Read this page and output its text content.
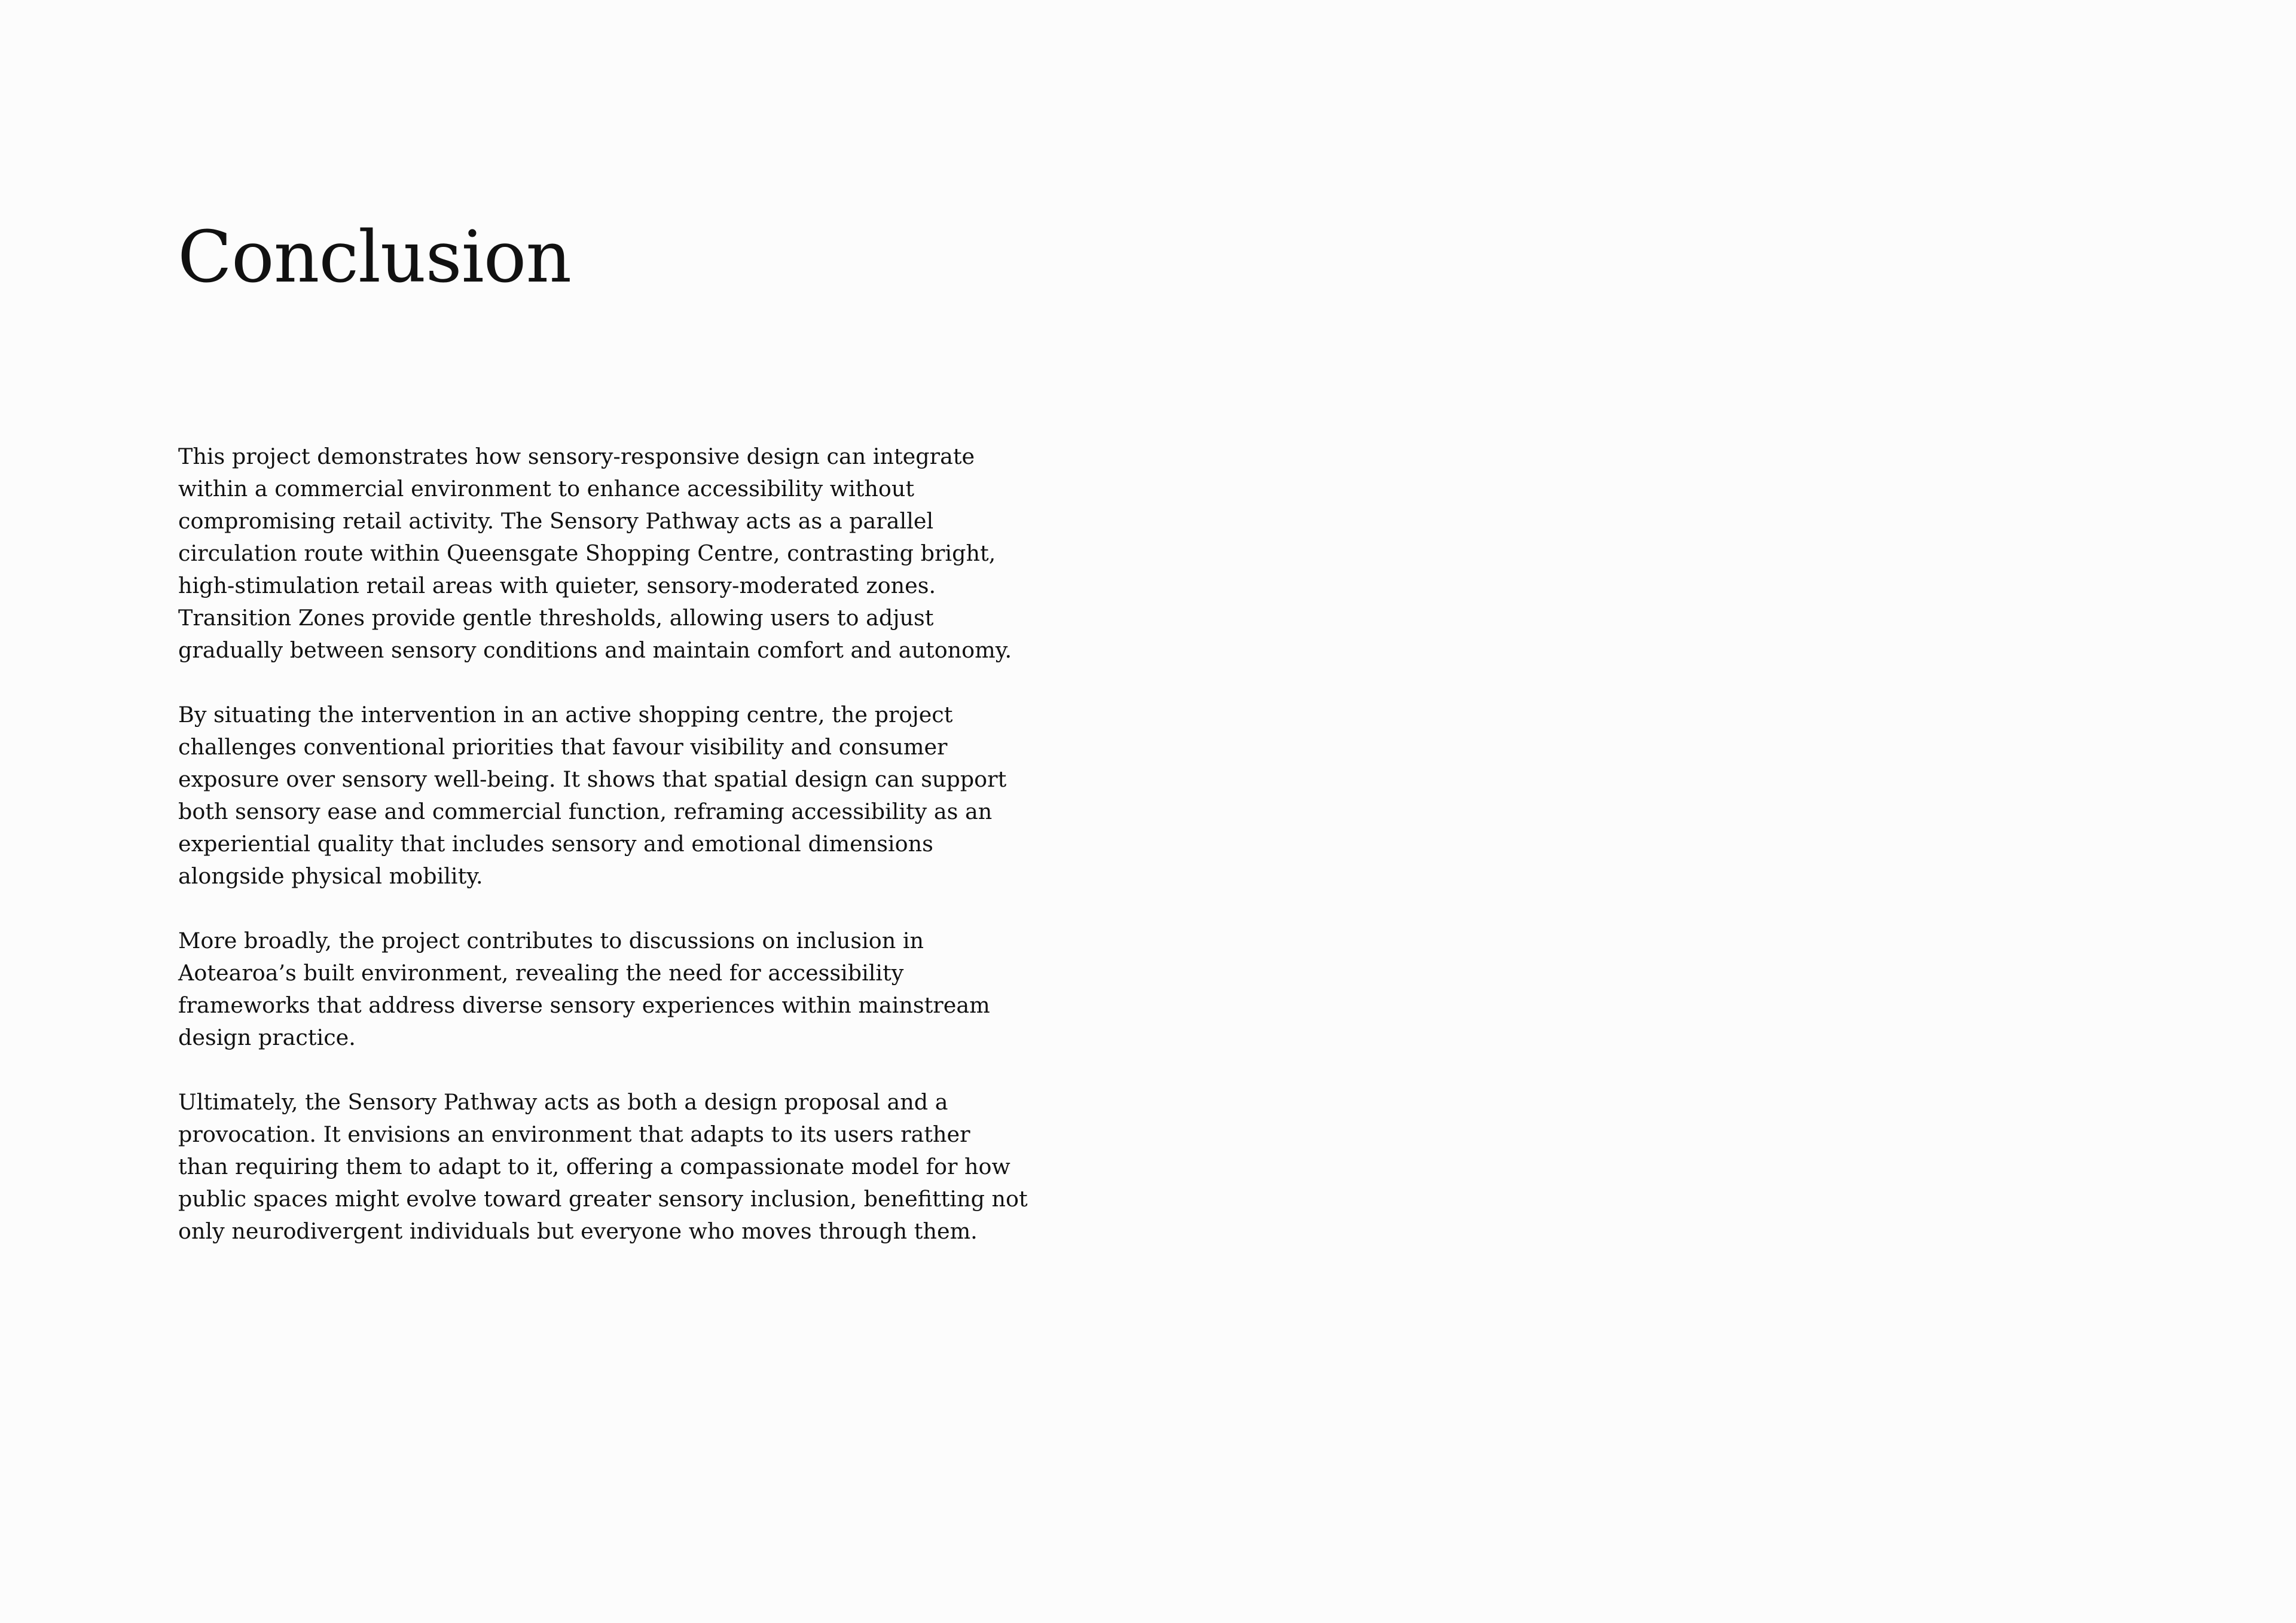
Conclusion

This project demonstrates how sensory-responsive design can integrate
within a commercial environment to enhance accessibility without
compromising retail activity. The Sensory Pathway acts as a parallel
circulation route within Queensgate Shopping Centre, contrasting bright,
high-stimulation retail areas with quieter, sensory-moderated zones.
Transition Zones provide gentle thresholds, allowing users to adjust
gradually between sensory conditions and maintain comfort and autonomy.

By situating the intervention in an active shopping centre, the project
challenges conventional priorities that favour visibility and consumer
exposure over sensory well-being. It shows that spatial design can support
both sensory ease and commercial function, reframing accessibility as an
experiential quality that includes sensory and emotional dimensions
alongside physical mobility.

More broadly, the project contributes to discussions on inclusion in
Aotearoa’s built environment, revealing the need for accessibility
frameworks that address diverse sensory experiences within mainstream
design practice.

Ultimately, the Sensory Pathway acts as both a design proposal and a
provocation. It envisions an environment that adapts to its users rather
than requiring them to adapt to it, offering a compassionate model for how
public spaces might evolve toward greater sensory inclusion, benefitting not
only neurodivergent individuals but everyone who moves through them.
